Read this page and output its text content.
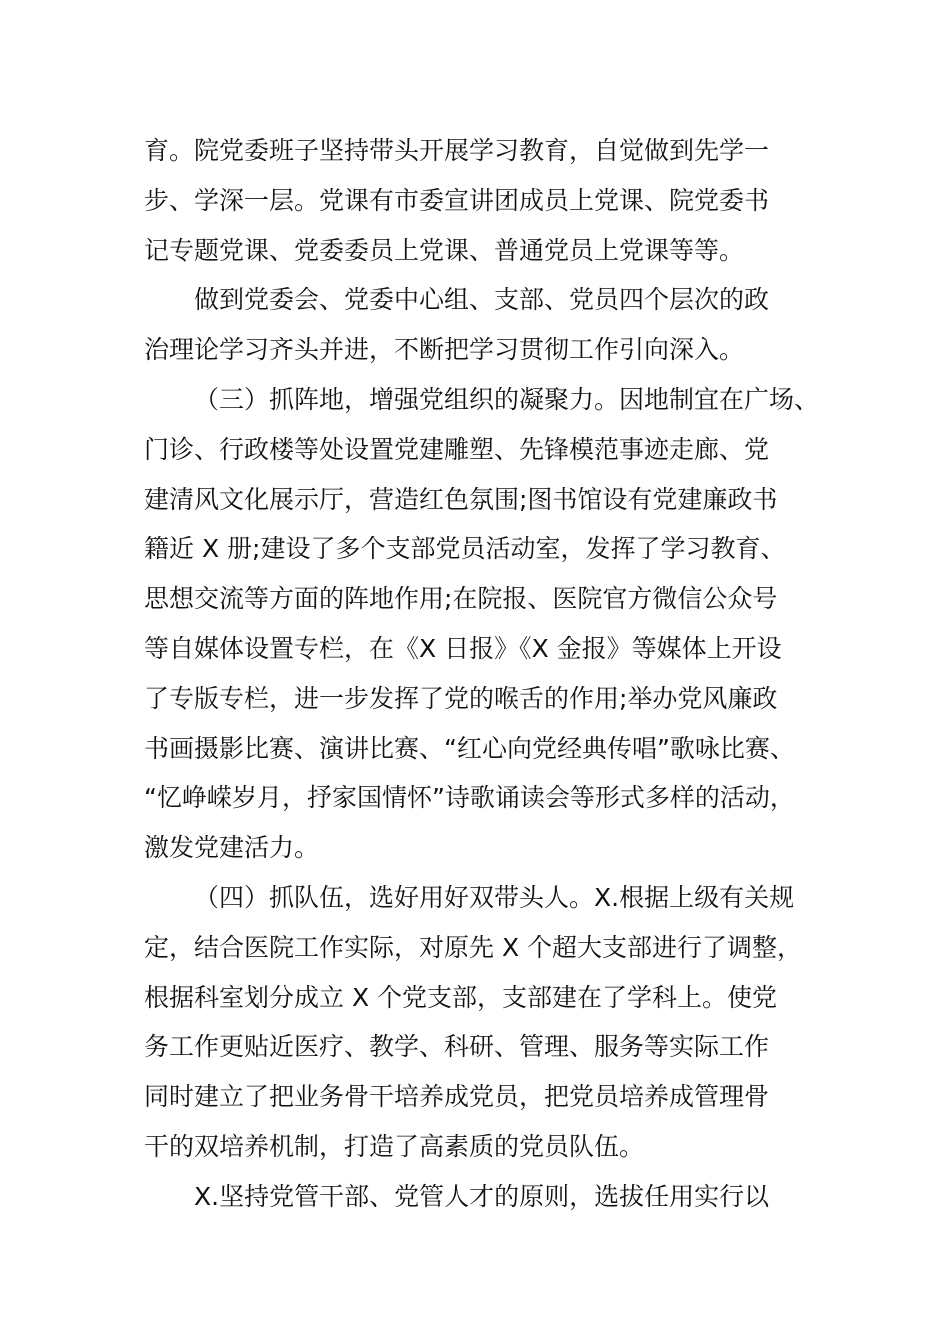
育。院党委班子坚持带头开展学习教育，自觉做到先学一
步、学深一层。党课有市委宣讲团成员上党课、院党委书
记专题党课、党委委员上党课、普通党员上党课等等。
做到党委会、党委中心组、支部、党员四个层次的政
治理论学习齐头并进，不断把学习贯彻工作引向深入。
（三）抓阵地，增强党组织的凝聚力。因地制宜在广场、
门诊、行政楼等处设置党建雕塑、先锋模范事迹走廊、党
建清风文化展示厅，营造红色氛围;图书馆设有党建廉政书
籍近 X 册;建设了多个支部党员活动室，发挥了学习教育、
思想交流等方面的阵地作用;在院报、医院官方微信公众号
等自媒体设置专栏，在《X 日报》《X 金报》等媒体上开设
了专版专栏，进一步发挥了党的喉舌的作用;举办党风廉政
书画摄影比赛、演讲比赛、“红心向党经典传唱”歌咏比赛、
“忆峥嵘岁月，抒家国情怀”诗歌诵读会等形式多样的活动，
激发党建活力。
（四）抓队伍，选好用好双带头人。X.根据上级有关规
定，结合医院工作实际，对原先 X 个超大支部进行了调整，
根据科室划分成立 X 个党支部，支部建在了学科上。使党
务工作更贴近医疗、教学、科研、管理、服务等实际工作
同时建立了把业务骨干培养成党员，把党员培养成管理骨
干的双培养机制，打造了高素质的党员队伍。
X.坚持党管干部、党管人才的原则，选拔任用实行以
